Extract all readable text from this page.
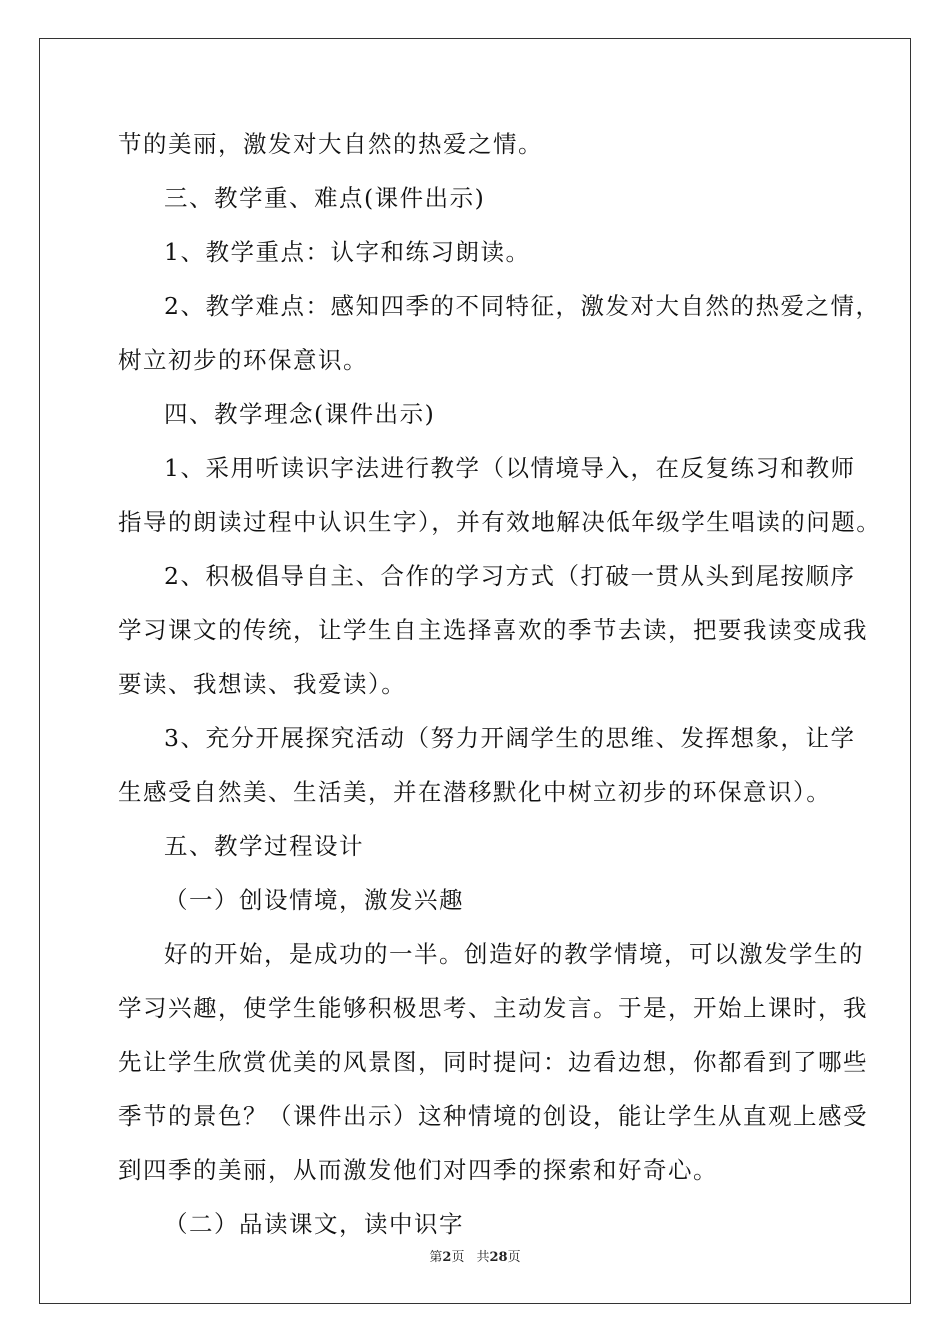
节的美丽，激发对大自然的热爱之情。
三、教学重、难点(课件出示)
1、教学重点：认字和练习朗读。
2、教学难点：感知四季的不同特征，激发对大自然的热爱之情，
树立初步的环保意识。
四、教学理念(课件出示)
1、采用听读识字法进行教学（以情境导入，在反复练习和教师
指导的朗读过程中认识生字），并有效地解决低年级学生唱读的问题。
2、积极倡导自主、合作的学习方式（打破一贯从头到尾按顺序
学习课文的传统，让学生自主选择喜欢的季节去读，把要我读变成我
要读、我想读、我爱读）。
3、充分开展探究活动（努力开阔学生的思维、发挥想象，让学
生感受自然美、生活美，并在潜移默化中树立初步的环保意识）。
五、教学过程设计
（一）创设情境，激发兴趣
好的开始，是成功的一半。创造好的教学情境，可以激发学生的
学习兴趣，使学生能够积极思考、主动发言。于是，开始上课时，我
先让学生欣赏优美的风景图，同时提问：边看边想，你都看到了哪些
季节的景色？（课件出示）这种情境的创设，能让学生从直观上感受
到四季的美丽，从而激发他们对四季的探索和好奇心。
（二）品读课文，读中识字
第2页 共28页
